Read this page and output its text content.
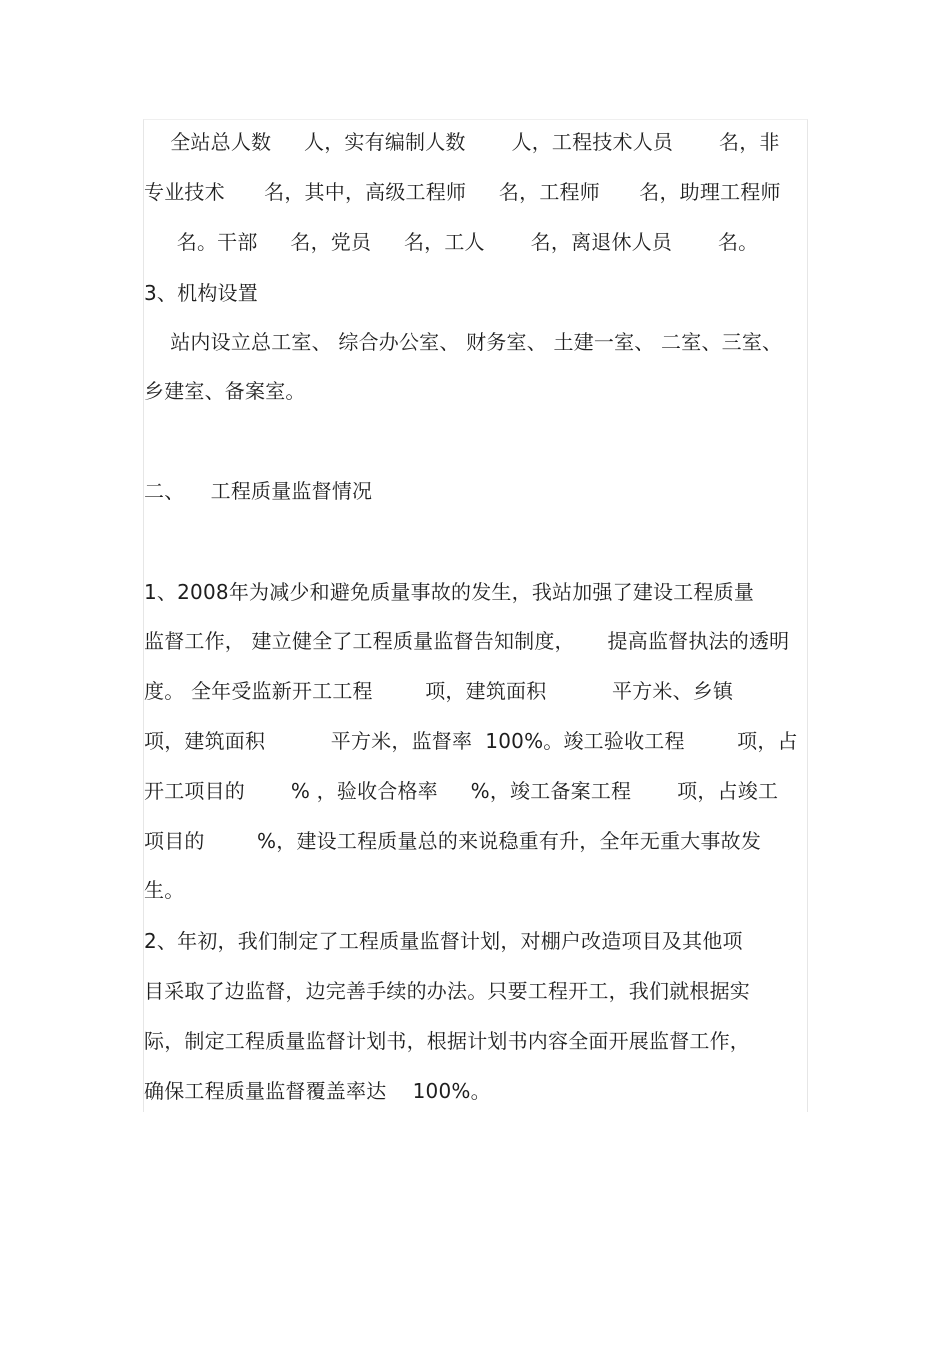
全站总人数     人，实有编制人数       人，工程技术人员       名，非
专业技术      名，其中，高级工程师     名，工程师      名，助理工程师
名。干部     名，党员     名，工人       名，离退休人员       名。
3、机构设置
站内设立总工室、 综合办公室、 财务室、 土建一室、 二室、三室、
乡建室、备案室。
二、    工程质量监督情况
1、2008年为减少和避免质量事故的发生，我站加强了建设工程质量
监督工作， 建立健全了工程质量监督告知制度，     提高监督执法的透明
度。 全年受监新开工工程        项，建筑面积          平方米、乡镇
项，建筑面积          平方米，监督率  100%。竣工验收工程        项，占
开工项目的       % ，验收合格率     %，竣工备案工程       项，占竣工
项目的        %，建设工程质量总的来说稳重有升，全年无重大事故发
生。
2、年初，我们制定了工程质量监督计划，对棚户改造项目及其他项
目采取了边监督，边完善手续的办法。只要工程开工，我们就根据实
际，制定工程质量监督计划书，根据计划书内容全面开展监督工作，
确保工程质量监督覆盖率达    100%。
